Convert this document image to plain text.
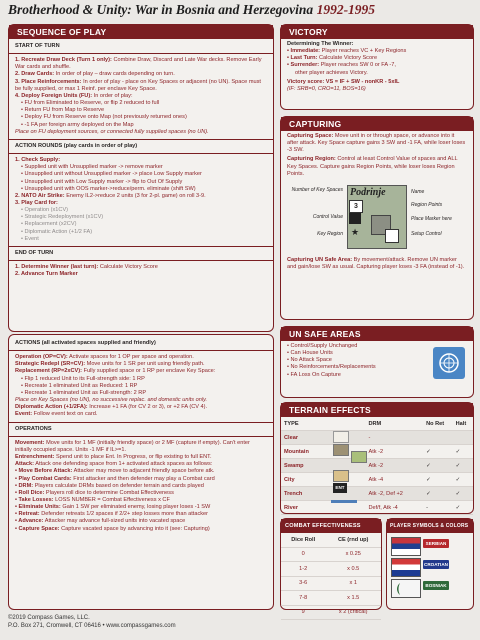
Brotherhood & Unity: War in Bosnia and Herzegovina 1992-1995
SEQUENCE OF PLAY
START OF TURN
1. Recreate Draw Deck (Turn 1 only): Combine Draw, Discard and Late War decks. Remove Early War cards and shuffle.
2. Draw Cards: In order of play – draw cards depending on turn.
3. Place Reinforcements: In order of play - place on Key Spaces or adjacent (no UN). Space must be fully supplied, or max 1 Reinf. per enclave Key Space.
4. Deploy Foreign Units (FU): In order of play:
• FU from Eliminated to Reserve, or flip 2 reduced to full
• Return FU from Map to Reserve
• Deploy FU from Reserve onto Map (not previously returned ones)
• -1 FA per foreign army deployed on the Map
Place on FU deployment sources, or connected fully supplied spaces (no UN).
ACTION ROUNDS (play cards in order of play)
1. Check Supply:
• Supplied unit with Unsupplied marker -> remove marker
• Unsupplied unit without Unsupplied marker -> place Low Supply marker
• Unsupplied unit with Low Supply marker -> flip to Out Of Supply
• Unsupplied unit with OOS marker->reduce/perm. eliminate (shift SW)
2. NATO Air Strike: Enemy IL2->reduce 2 units (3 for 2-pl. game) on roll 3-9.
3. Play Card for:
• Operation (x1CV)
• Strategic Redeployment (x1CV)
• Replacement (x2CV)
• Diplomatic Action (+1/2 FA)
• Event
END OF TURN
1. Determine Winner (last turn): Calculate Victory Score
2. Advance Turn Marker
ACTIONS (all activated spaces supplied and friendly)
Operation (OP=CV): Activate spaces for 1 OP per space and operation.
Strategic Redepl (SR=CV): Move units for 1 SR per unit using friendly path.
Replacement (RP=2xCV): Fully supplied space or 1 RP per enclave Key Space:
• Flip 1 reduced Unit to its Full-strength side: 1 RP
• Recreate 1 eliminated Unit as Reduced: 1 RP
• Recreate 1 eliminated Unit as Full-strength: 2 RP
Place on Key Spaces (no UN), no successive replac. and domestic units only.
Diplomatic Action (+1/2FA): Increase +1 FA (for CV 2 or 3), or +2 FA (CV 4).
Event: Follow event text on card.
OPERATIONS
Movement: Move units for 1 MF (initially friendly space) or 2 MF (capture if empty). Can't enter initially occupied space. Units -1 MF if IL>=1.
Entrenchment: Spend unit to place Ent. In Progress, or flip existing to full ENT.
Attack: Attack one defending space from 1+ activated attack spaces as follows:
• Move Before Attack: Attacker may move to adjacent friendly space before atk.
• Play Combat Cards: First attacker and then defender may play a Combat card
• DRM: Players calculate DRMs based on defender terrain and cards played
• Roll Dice: Players roll dice to determine Combat Effectiveness
• Take Losses: LOSS NUMBER = Combat Effectiveness x CF
• Eliminate Units: Gain 1 SW per eliminated enemy, losing player loses -1 SW
• Retreat: Defender retreats 1/2 spaces if 2/2+ step losses more than attacker
• Advance: Attacker may advance full-sized units into vacated space
• Capture Space: Capture vacated space by advancing into it (see: Capturing)
VICTORY
Determining The Winner:
• Immediate: Player reaches VC + Key Regions
• Last Turn: Calculate Victory Score
• Surrender: Player reaches SW 0 or FA -7,
other player achieves Victory.
Victory score: VS = IF + SW - nonKR - 5xIL
(IF: SRB=0, CRO=11, BOS=16)
CAPTURING
Capturing Space: Move unit in or through space, or advance into it after attack. Key Space capture gains 3 SW and -1 FA, while loser loses -3 SW.
Capturing Region: Control at least Control Value of spaces and ALL Key Spaces. Capture gains Region Points, while loser loses Region Points.
Podrinje
3
★
Number of Key Spaces
Control Value
Key Region
Name
Region Points
Place Marker here
Setup Control
Capturing UN Safe Area: By movement/attack. Remove UN marker and gain/lose SW as usual. Capturing player loses -3 FA (instead of -1).
UN SAFE AREAS
• Control/Supply Unchanged
• Can House Units
• No Attack Space
• No Reinforcements/Replacements
• FA Loss On Capture
TERRAIN EFFECTS
TYPE	DRM	No Ret	Halt
Clear	-		
Mountain	Atk -2	✓	✓
Swamp	Atk -2	✓	✓
City	Atk -4	✓	✓
Trench	Atk -2, Def +2	✓	✓
River	Def/f, Atk -4	-	✓
ENT
COMBAT EFFECTIVENESS
Dice Roll	CE (rnd up)
0	x 0.25
1-2	x 0.5
3-6	x 1
7-8	x 1.5
9	x 2 (critical)
PLAYER SYMBOLS & COLORS
SERBIAN
CROATIAN
BOSNIAK
©2019 Compass Games, LLC.
P.O. Box 271, Cromwell, CT 06416 • www.compassgames.com
